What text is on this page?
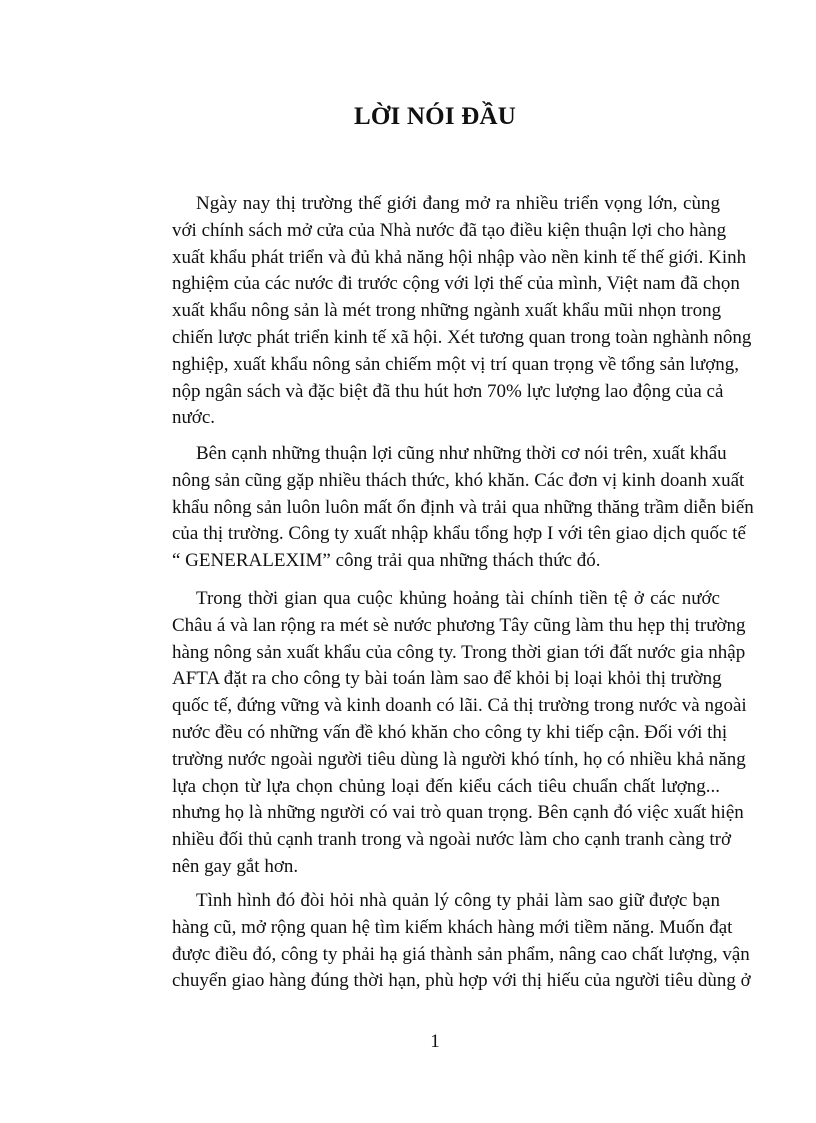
LỜI NÓI ĐẦU

Ngày nay thị trường thế giới đang mở ra nhiều triển vọng lớn, cùng
với chính sách mở cửa của Nhà nước đã tạo điều kiện thuận lợi cho hàng
xuất khẩu phát triển và đủ khả năng hội nhập vào nền kinh tế thế giới. Kinh
nghiệm của các nước đi trước cộng với lợi thế của mình, Việt nam đã chọn
xuất khẩu nông sản là mét trong những ngành xuất khẩu mũi nhọn trong
chiến lược phát triển kinh tế xã hội. Xét tương quan trong toàn nghành nông
nghiệp, xuất khẩu nông sản chiếm một vị trí quan trọng về tổng sản lượng,
nộp ngân sách và đặc biệt đã thu hút hơn 70% lực lượng lao động của cả
nước.

Bên cạnh những thuận lợi cũng như những thời cơ nói trên, xuất khẩu
nông sản cũng gặp nhiều thách thức, khó khăn. Các đơn vị kinh doanh xuất
khẩu nông sản luôn luôn mất ổn định và trải qua những thăng trầm diễn biến
của thị trường. Công ty xuất nhập khẩu tổng hợp I với tên giao dịch quốc tế
“ GENERALEXIM” công trải qua những thách thức đó.

Trong thời gian qua cuộc khủng hoảng tài chính tiền tệ ở các nước
Châu á và lan rộng ra mét sè nước phương Tây cũng làm thu hẹp thị trường
hàng nông sản xuất khẩu của công ty. Trong thời gian tới đất nước gia nhập
AFTA đặt ra cho công ty bài toán làm sao để khỏi bị loại khỏi thị trường
quốc tế, đứng vững và kinh doanh có lãi. Cả thị trường trong nước và ngoài
nước đều có những vấn đề khó khăn cho công ty khi tiếp cận. Đối với thị
trường nước ngoài người tiêu dùng là người khó tính, họ có nhiều khả năng
lựa chọn từ lựa chọn chủng loại đến kiểu cách tiêu chuẩn chất lượng...
nhưng họ là những người có vai trò quan trọng. Bên cạnh đó việc xuất hiện
nhiều đối thủ cạnh tranh trong và ngoài nước làm cho cạnh tranh càng trở
nên gay gắt hơn.

Tình hình đó đòi hỏi nhà quản lý công ty phải làm sao giữ được bạn
hàng cũ, mở rộng quan hệ tìm kiếm khách hàng mới tiềm năng. Muốn đạt
được điều đó, công ty phải hạ giá thành sản phẩm, nâng cao chất lượng, vận
chuyển giao hàng đúng thời hạn, phù hợp với thị hiếu của người tiêu dùng ở

1
